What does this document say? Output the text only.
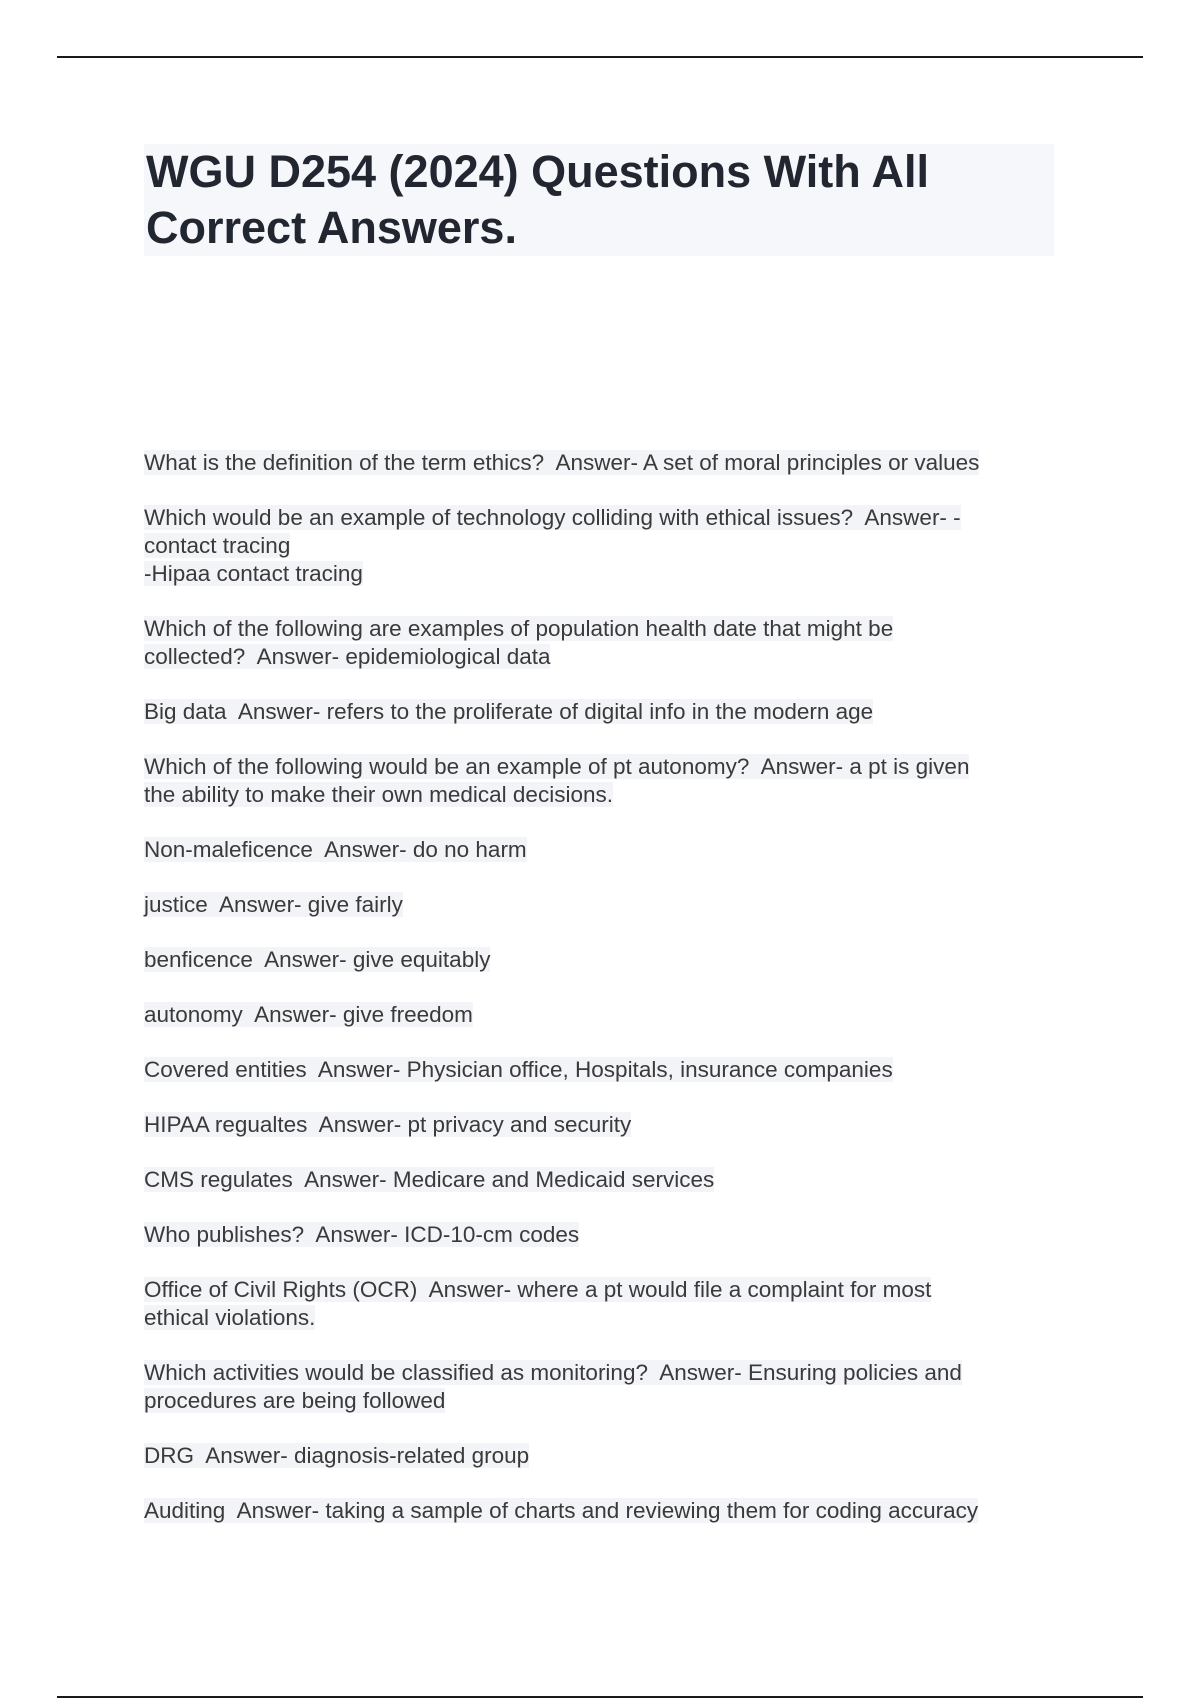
WGU D254 (2024) Questions With All
Correct Answers.
What is the definition of the term ethics?  Answer- A set of moral principles or values
Which would be an example of technology colliding with ethical issues?  Answer- -
contact tracing
-Hipaa contact tracing
Which of the following are examples of population health date that might be
collected?  Answer- epidemiological data
Big data  Answer- refers to the proliferate of digital info in the modern age
Which of the following would be an example of pt autonomy?  Answer- a pt is given
the ability to make their own medical decisions.
Non-maleficence  Answer- do no harm
justice  Answer- give fairly
benficence  Answer- give equitably
autonomy  Answer- give freedom
Covered entities  Answer- Physician office, Hospitals, insurance companies
HIPAA regualtes  Answer- pt privacy and security
CMS regulates  Answer- Medicare and Medicaid services
Who publishes?  Answer- ICD-10-cm codes
Office of Civil Rights (OCR)  Answer- where a pt would file a complaint for most
ethical violations.
Which activities would be classified as monitoring?  Answer- Ensuring policies and
procedures are being followed
DRG  Answer- diagnosis-related group
Auditing  Answer- taking a sample of charts and reviewing them for coding accuracy
